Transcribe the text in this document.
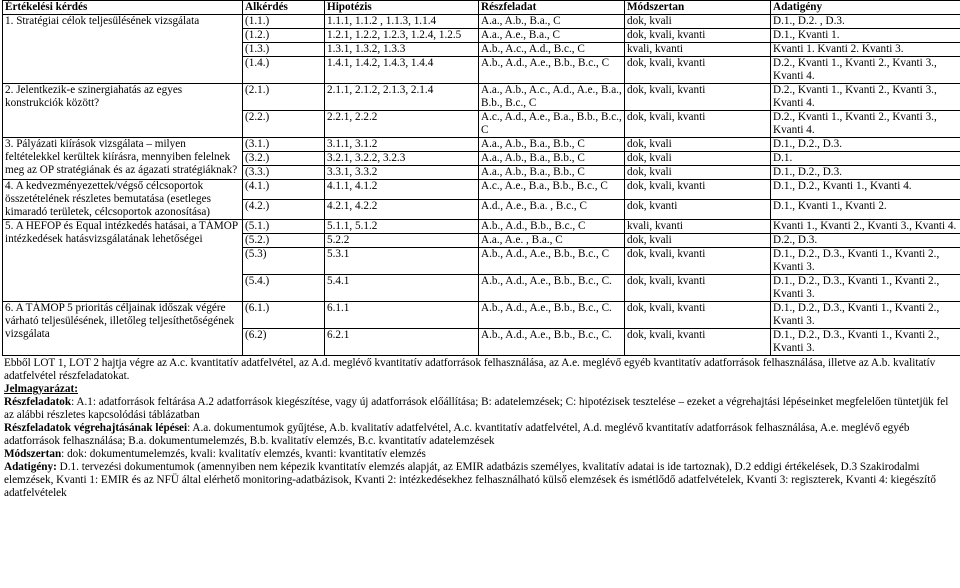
Értékelési kérdés	Alkérdés	Hipotézis	Részfeladat	Módszertan	Adatigény
1. Stratégiai célok teljesülésének vizsgálata	(1.1.)	1.1.1, 1.1.2 , 1.1.3, 1.1.4	A.a., A.b., B.a., C	dok, kvali	D.1., D.2. , D.3.
	(1.2.)	1.2.1, 1.2.2, 1.2.3, 1.2.4, 1.2.5	A.a., A.e., B.a., C	dok, kvali, kvanti	D.1., Kvanti 1.
	(1.3.)	1.3.1, 1.3.2, 1.3.3	A.b., A.c., A.d., B.c., C	kvali, kvanti	Kvanti 1. Kvanti 2. Kvanti 3.
	(1.4.)	1.4.1, 1.4.2, 1.4.3, 1.4.4	A.b., A.d., A.e., B.b., B.c., C	dok, kvali, kvanti	D.2., Kvanti 1., Kvanti 2., Kvanti 3., Kvanti 4.
2. Jelentkezik-e szinergiahatás az egyes konstrukciók között?	(2.1.)	2.1.1, 2.1.2, 2.1.3, 2.1.4	A.a., A.b., A.c., A.d., A.e., B.a., B.b., B.c., C	dok, kvali, kvanti	D.2., Kvanti 1., Kvanti 2., Kvanti 3., Kvanti 4.
	(2.2.)	2.2.1, 2.2.2	A.c., A.d., A.e., B.a., B.b., B.c., C	dok, kvali, kvanti	D.2., Kvanti 1., Kvanti 2., Kvanti 3., Kvanti 4.
3. Pályázati kiírások vizsgálata – milyen feltételekkel kerültek kiírásra, mennyiben felelnek meg az OP stratégiának és az ágazati stratégiáknak?	(3.1.)	3.1.1, 3.1.2	A.a., A.b., B.a., B.b., C	dok, kvali	D.1., D.2., D.3.
	(3.2.)	3.2.1, 3.2.2, 3.2.3	A.a., A.b., B.a., B.b., C	dok, kvali	D.1.
	(3.3.)	3.3.1, 3.3.2	A.a., A.b., B.a., B.b., C	dok, kvali	D.1., D.2., D.3.
4. A kedvezményezettek/végső célcsoportok összetételének részletes bemutatása (esetleges kimaradó területek, célcsoportok azonosítása)	(4.1.)	4.1.1, 4.1.2	A.c., A.e., B.a., B.b., B.c., C	dok, kvali, kvanti	D.1., D.2., Kvanti 1., Kvanti 4.
	(4.2.)	4.2.1, 4.2.2	A.d., A.e., B.a. , B.c., C	dok, kvanti	D.1., Kvanti 1., Kvanti 2.
5. A HEFOP és Equal intézkedés hatásai, a TÁMOP intézkedések hatásvizsgálatának lehetőségei	(5.1.)	5.1.1, 5.1.2	A.b., A.d., B.b., B.c., C	kvali, kvanti	Kvanti 1., Kvanti 2., Kvanti 3., Kvanti 4.
	(5.2.)	5.2.2	A.a., A.e. , B.a., C	dok, kvali	D.2., D.3.
	(5.3)	5.3.1	A.b., A.d., A.e., B.b., B.c., C	dok, kvali, kvanti	D.1., D.2., D.3., Kvanti 1., Kvanti 2., Kvanti 3.
	(5.4.)	5.4.1	A.b., A.d., A.e., B.b., B.c., C.	dok, kvali, kvanti	D.1., D.2., D.3., Kvanti 1., Kvanti 2., Kvanti 3.
6. A TÁMOP 5 prioritás céljainak időszak végére várható teljesülésének, illetőleg teljesíthetőségének vizsgálata	(6.1.)	6.1.1	A.b., A.d., A.e., B.b., B.c., C.	dok, kvali, kvanti	D.1., D.2., D.3., Kvanti 1., Kvanti 2., Kvanti 3.
	(6.2)	6.2.1	A.b., A.d., A.e., B.b., B.c., C.	dok, kvali, kvanti	D.1., D.2., D.3., Kvanti 1., Kvanti 2., Kvanti 3.

Ebből LOT 1, LOT 2 hajtja végre az A.c. kvantitatív adatfelvétel, az A.d. meglévő kvantitatív adatforrások felhasználása, az A.e. meglévő egyéb kvantitatív adatforrások felhasználása, illetve az A.b. kvalitatív adatfelvétel részfeladatokat.

Jelmagyarázat:

Részfeladatok: A.1: adatforrások feltárása A.2 adatforrások kiegészítése, vagy új adatforrások előállítása; B: adatelemzések; C: hipotézisek tesztelése – ezeket a végrehajtási lépéseinket megfelelően tüntetjük fel az alábbi részletes kapcsolódási táblázatban

Részfeladatok végrehajtásának lépései: A.a. dokumentumok gyűjtése, A.b. kvalitatív adatfelvétel, A.c. kvantitatív adatfelvétel, A.d. meglévő kvantitatív adatforrások felhasználása, A.e. meglévő egyéb adatforrások felhasználása; B.a. dokumentumelemzés, B.b. kvalitatív elemzés, B.c. kvantitatív adatelemzések

Módszertan: dok: dokumentumelemzés, kvali: kvalitatív elemzés, kvanti: kvantitatív elemzés

Adatigény: D.1. tervezési dokumentumok (amennyiben nem képezik kvantitatív elemzés alapját, az EMIR adatbázis személyes, kvalitatív adatai is ide tartoznak), D.2 eddigi értékelések, D.3 Szakirodalmi elemzések, Kvanti 1: EMIR és az NFÜ által elérhető monitoring-adatbázisok, Kvanti 2: intézkedésekhez felhasználható külső elemzések és ismétlődő adatfelvételek, Kvanti 3: regiszterek, Kvanti 4: kiegészítő adatfelvételek
